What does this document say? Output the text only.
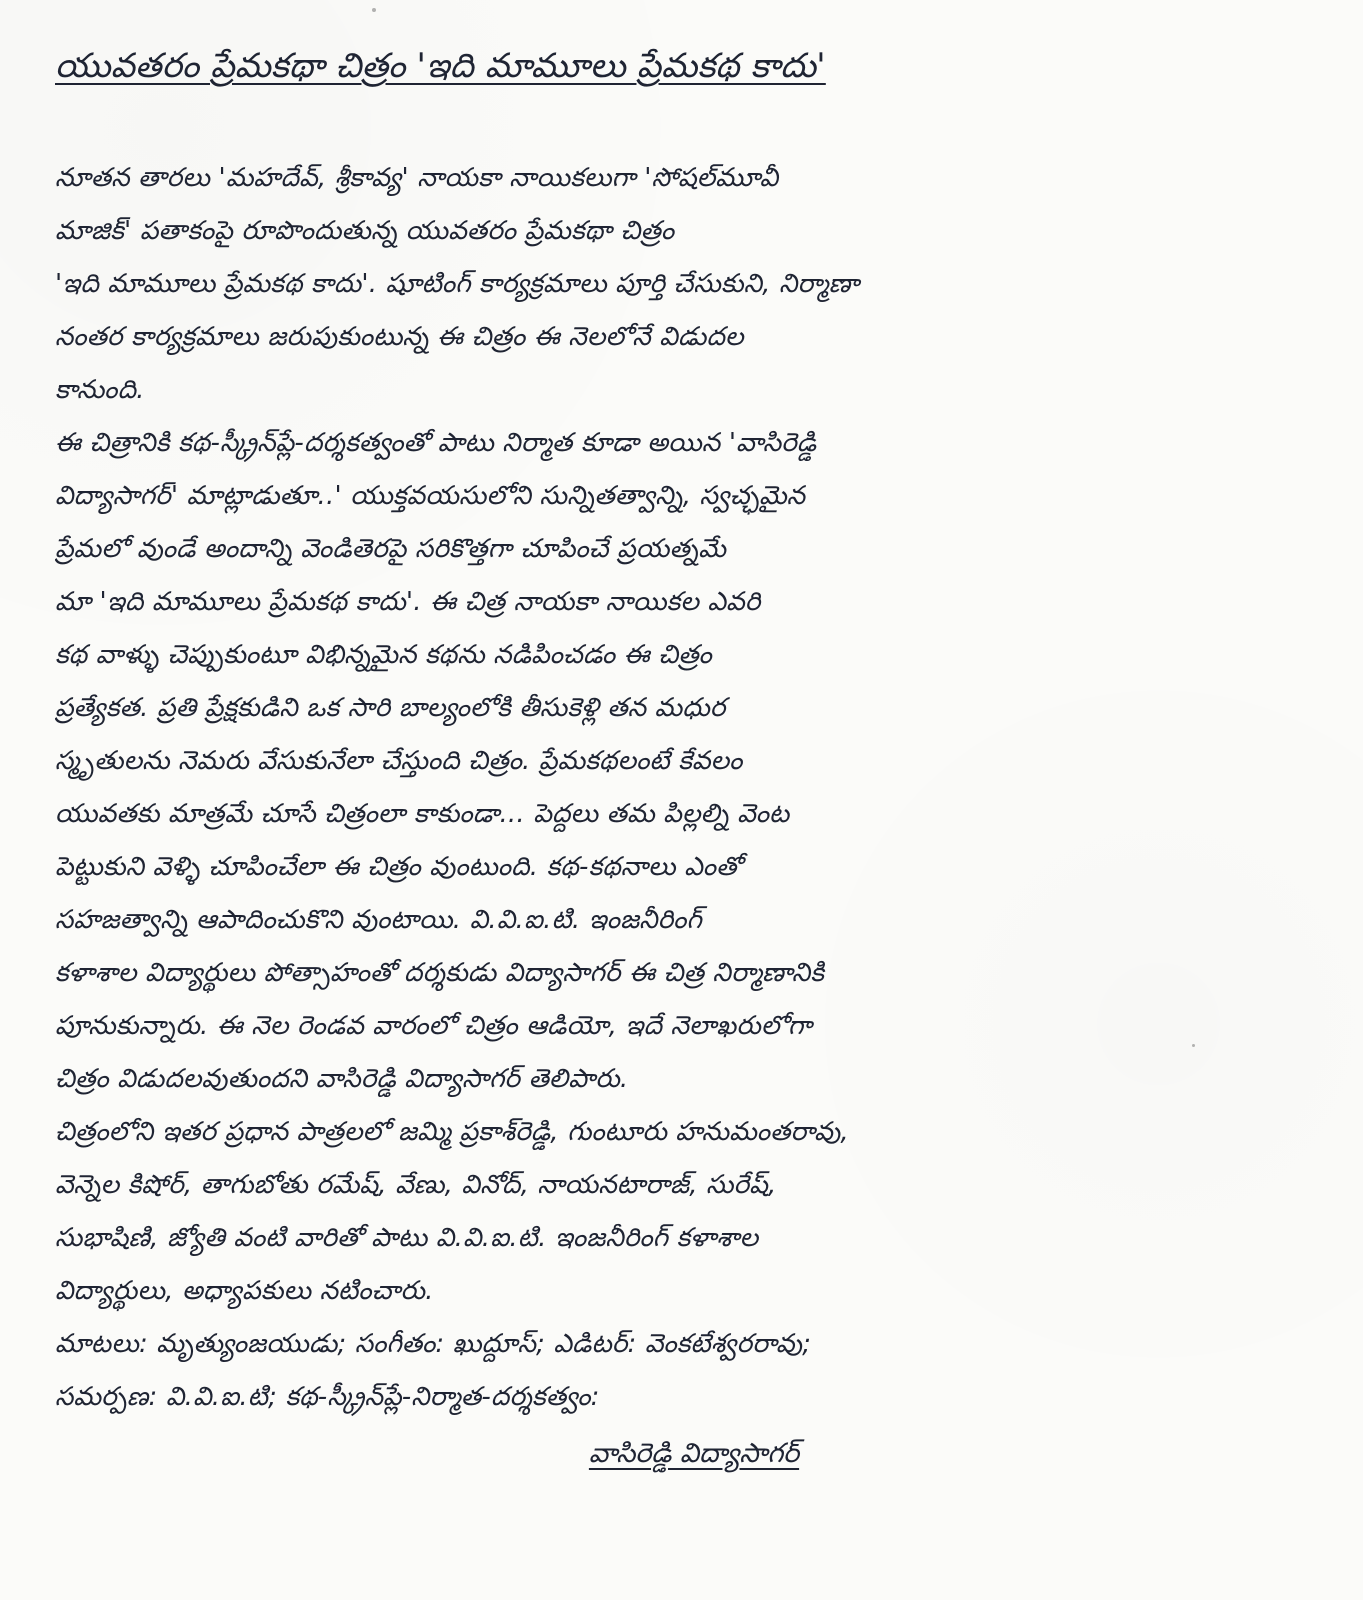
యువతరం ప్రేమకథా చిత్రం 'ఇది మామూలు ప్రేమకథ కాదు'
నూతన తారలు 'మహదేవ్, శ్రీకావ్య' నాయకా నాయికలుగా 'సోషల్‌మూవీ
మాజిక్' పతాకంపై రూపొందుతున్న యువతరం ప్రేమకథా చిత్రం
'ఇది మామూలు ప్రేమకథ కాదు'. షూటింగ్ కార్యక్రమాలు పూర్తి చేసుకుని, నిర్మాణా
నంతర కార్యక్రమాలు జరుపుకుంటున్న ఈ చిత్రం ఈ నెలలోనే విడుదల
కానుంది.
ఈ చిత్రానికి కథ-స్క్రీన్‌ప్లే-దర్శకత్వంతో పాటు నిర్మాత కూడా అయిన 'వాసిరెడ్డి
విద్యాసాగర్' మాట్లాడుతూ..' యుక్తవయసులోని సున్నితత్వాన్ని, స్వచ్ఛమైన
ప్రేమలో వుండే అందాన్ని వెండితెరపై సరికొత్తగా చూపించే ప్రయత్నమే
మా 'ఇది మామూలు ప్రేమకథ కాదు'. ఈ చిత్ర నాయకా నాయికల ఎవరి
కథ వాళ్ళు చెప్పుకుంటూ విభిన్నమైన కథను నడిపించడం ఈ చిత్రం
ప్రత్యేకత. ప్రతి ప్రేక్షకుడిని ఒక సారి బాల్యంలోకి తీసుకెళ్లి తన మధుర
స్మృతులను నెమరు వేసుకునేలా చేస్తుంది చిత్రం. ప్రేమకథలంటే కేవలం
యువతకు మాత్రమే చూసే చిత్రంలా కాకుండా... పెద్దలు తమ పిల్లల్ని వెంట
పెట్టుకుని వెళ్ళి చూపించేలా ఈ చిత్రం వుంటుంది. కథ-కథనాలు ఎంతో
సహజత్వాన్ని ఆపాదించుకొని వుంటాయి. వి.వి.ఐ.టి. ఇంజనీరింగ్
కళాశాల విద్యార్థులు పోత్సాహంతో దర్శకుడు విద్యాసాగర్ ఈ చిత్ర నిర్మాణానికి
పూనుకున్నారు. ఈ నెల రెండవ వారంలో చిత్రం ఆడియో, ఇదే నెలాఖరులోగా
చిత్రం విడుదలవుతుందని వాసిరెడ్డి విద్యాసాగర్ తెలిపారు.
చిత్రంలోని ఇతర ప్రధాన పాత్రలలో జమ్మి ప్రకాశ్‌రెడ్డి, గుంటూరు హనుమంతరావు,
వెన్నెల కిషోర్, తాగుబోతు రమేష్, వేణు, వినోద్, నాయనటారాజ్, సురేష్,
సుభాషిణి, జ్యోతి వంటి వారితో పాటు వి.వి.ఐ.టి. ఇంజనీరింగ్ కళాశాల
విద్యార్థులు, అధ్యాపకులు నటించారు.
మాటలు: మృత్యుంజయుడు; సంగీతం: ఖుద్దూస్; ఎడిటర్: వెంకటేశ్వరరావు;
సమర్పణ: వి.వి.ఐ.టి; కథ-స్క్రీన్‌ప్లే-నిర్మాత-దర్శకత్వం:
వాసిరెడ్డి విద్యాసాగర్
